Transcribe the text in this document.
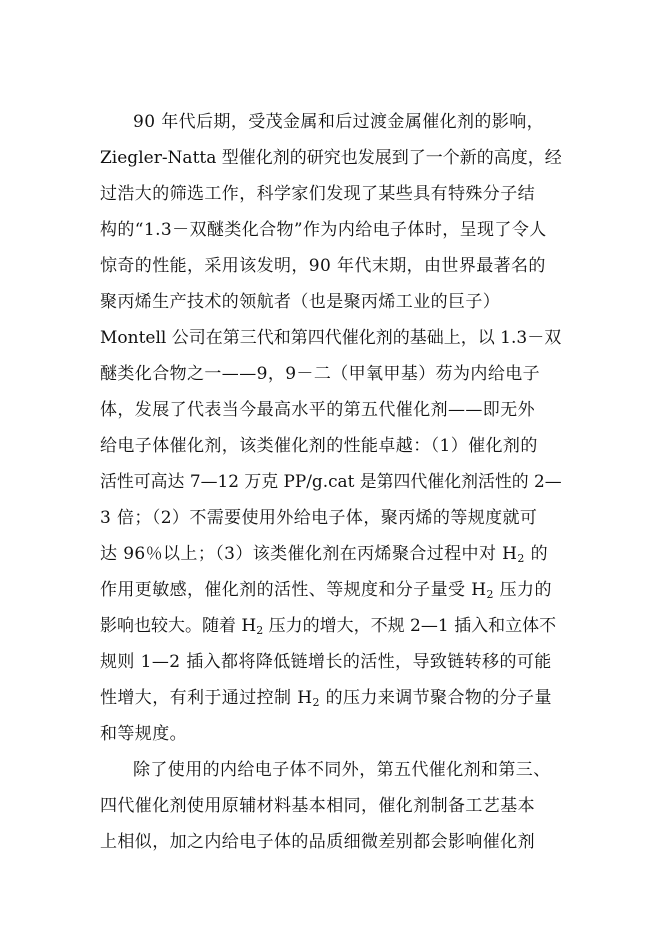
90 年代后期，受茂金属和后过渡金属催化剂的影响，
Ziegler-Natta 型催化剂的研究也发展到了一个新的高度，经
过浩大的筛选工作，科学家们发现了某些具有特殊分子结
构的“1.3－双醚类化合物”作为内给电子体时，呈现了令人
惊奇的性能，采用该发明，90 年代末期，由世界最著名的
聚丙烯生产技术的领航者（也是聚丙烯工业的巨子）
Montell 公司在第三代和第四代催化剂的基础上，以 1.3－双
醚类化合物之一——9，9－二（甲氧甲基）芴为内给电子
体，发展了代表当今最高水平的第五代催化剂——即无外
给电子体催化剂，该类催化剂的性能卓越：（1）催化剂的
活性可高达 7—12 万克 PP/g.cat 是第四代催化剂活性的 2—
3 倍；（2）不需要使用外给电子体，聚丙烯的等规度就可
达 96％以上；（3）该类催化剂在丙烯聚合过程中对 $H_2$ 的
作用更敏感，催化剂的活性、等规度和分子量受 $H_2$ 压力的
影响也较大。随着 $H_2$ 压力的增大，不规 2—1 插入和立体不
规则 1—2 插入都将降低链增长的活性，导致链转移的可能
性增大，有利于通过控制 $H_2$ 的压力来调节聚合物的分子量
和等规度。
除了使用的内给电子体不同外，第五代催化剂和第三、
四代催化剂使用原辅材料基本相同，催化剂制备工艺基本
上相似，加之内给电子体的品质细微差别都会影响催化剂
